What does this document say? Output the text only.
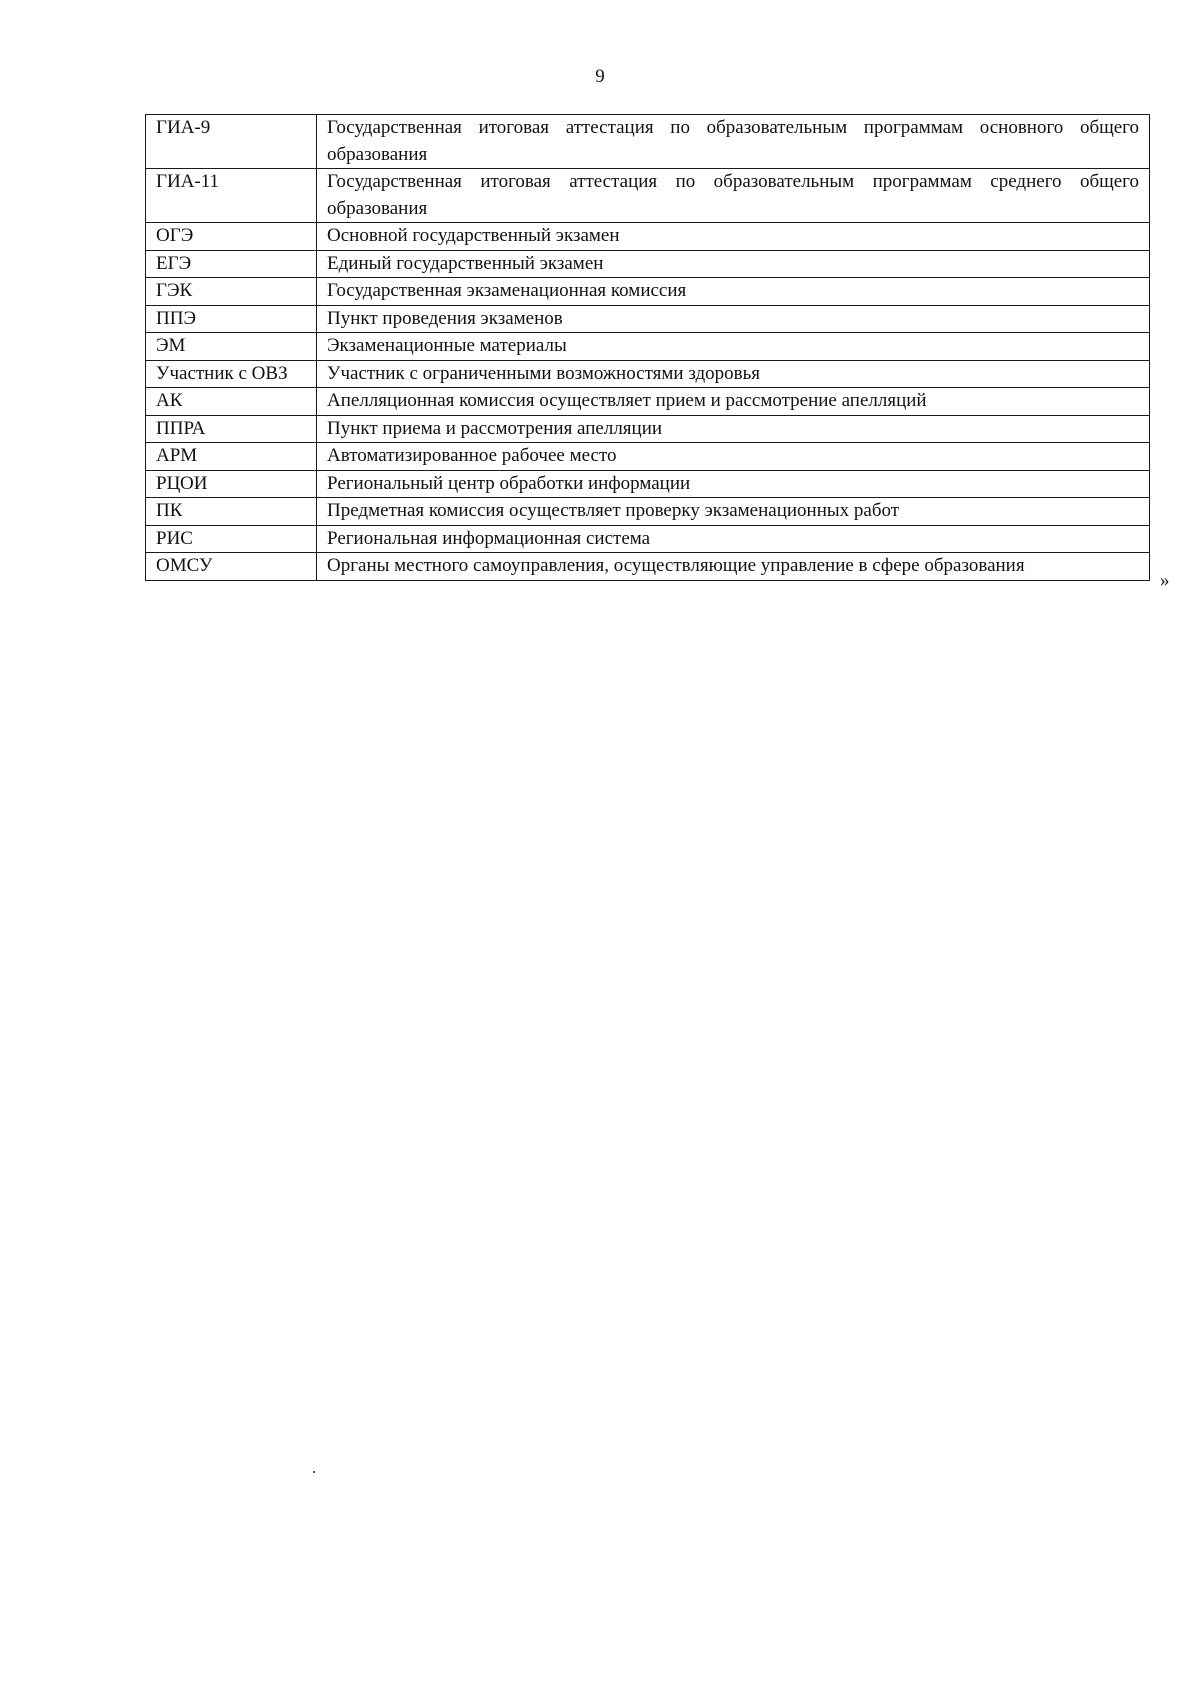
9
ГИА-9	Государственная итоговая аттестация по образовательным программам основного общего образования
ГИА-11	Государственная итоговая аттестация по образовательным программам среднего общего образования
ОГЭ	Основной государственный экзамен
ЕГЭ	Единый государственный экзамен
ГЭК	Государственная экзаменационная комиссия
ППЭ	Пункт проведения экзаменов
ЭМ	Экзаменационные материалы
Участник с ОВЗ	Участник с ограниченными возможностями здоровья
АК	Апелляционная комиссия осуществляет прием и рассмотрение апелляций
ППРА	Пункт приема и рассмотрения апелляции
АРМ	Автоматизированное рабочее место
РЦОИ	Региональный центр обработки информации
ПК	Предметная комиссия осуществляет проверку экзаменационных работ
РИС	Региональная информационная система
ОМСУ	Органы местного самоуправления, осуществляющие управление в сфере образования
»
